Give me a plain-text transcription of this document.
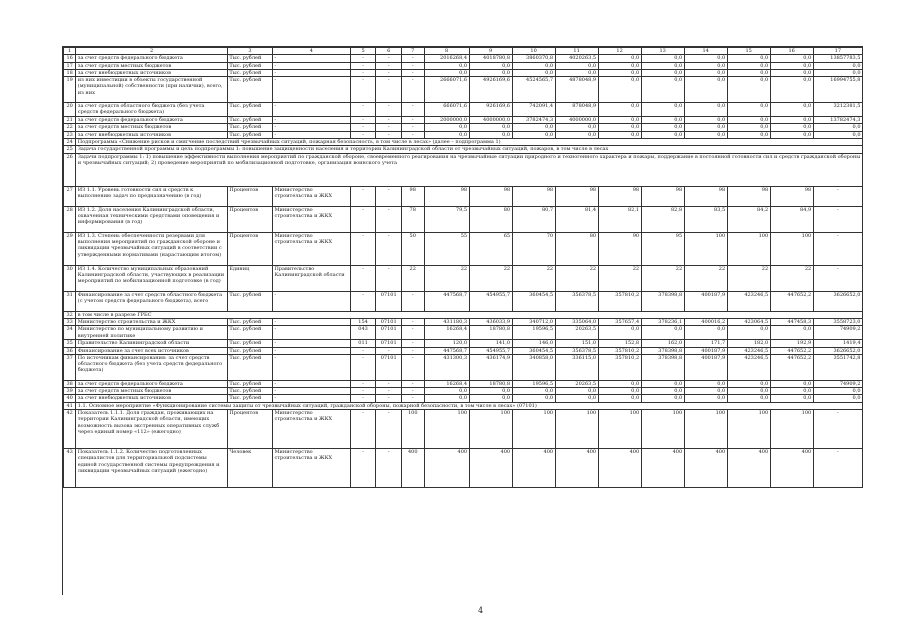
1	2	3	4	5	6	7	8	9	10	11	12	13	14	15	16	17
16	за счет средств федерального бюджета	Тыс. рублей	-	-	-	-	2016268,4	4018780,8	3860370,8	4020263,5	0,0	0,0	0,0	0,0	0,0	13857783,5
17	за счет средств местных бюджетов	Тыс. рублей	-	-	-	-	0,0	0,0	0,0	0,0	0,0	0,0	0,0	0,0	0,0	0,0
18	за счет внебюджетных источников	Тыс. рублей	-	-	-	-	0,0	0,0	0,0	0,0	0,0	0,0	0,0	0,0	0,0	0,0
19	из них инвестиции в объекты государственной (муниципальной) собственности (при наличии), всего, из них	Тыс. рублей	-	-	-	-	2666071,6	4926169,6	4524565,7	4878048,9	0,0	0,0	0,0	0,0	0,0	16994755,8
20	за счет средств областного бюджета (без учета средств федерального бюджета)	Тыс. рублей	-	-	-	-	666071,6	926169,6	742091,4	878048,9	0,0	0,0	0,0	0,0	0,0	3212381,5
21	за счет средств федерального бюджета	Тыс. рублей	-	-	-	-	2000000,0	4000000,0	3782474,3	4000000,0	0,0	0,0	0,0	0,0	0,0	13782474,3
22	за счет средств местных бюджетов	Тыс. рублей	-	-	-	-	0,0	0,0	0,0	0,0	0,0	0,0	0,0	0,0	0,0	0,0
23	за счет внебюджетных источников	Тыс. рублей	-	-	-	-	0,0	0,0	0,0	0,0	0,0	0,0	0,0	0,0	0,0	0,0
24	Подпрограмма «Снижение рисков и смягчение последствий чрезвычайных ситуаций, пожарная безопасность, в том числе в лесах» (далее – подпрограмма 1)															
25	Задача государственной программы и цель подпрограммы 1: повышение защищенности населения и территории Калининградской области от чрезвычайных ситуаций, пожаров, в том числе в лесах															
26	Задачи подпрограммы 1: 1) повышение эффективности выполнения мероприятий по гражданской обороне, своевременного реагирования на чрезвычайные ситуации природного и техногенного характера и пожары, поддержание в постоянной готовности сил и средств гражданской обороны и чрезвычайных ситуаций; 2) проведение мероприятий по мобилизационной подготовке, организация воинского учета															
27	ИЗ 1.1. Уровень готовности сил и средств к выполнению задач по предназначению (в год)	Процентов	Министерство строительства и ЖКХ	-	-	98	98	98	98	98	98	98	98	98	98	-
28	ИЗ 1.2. Доля населения Калининградской области, охваченная техническими средствами оповещения и информирования (в год)	Процентов	Министерство строительства и ЖКХ	-	-	78	79,5	80	80,7	81,4	82,1	82,8	83,5	84,2	84,9	-
29	ИЗ 1.3. Степень обеспеченности резервами для выполнения мероприятий по гражданской обороне и ликвидации чрезвычайных ситуаций в соответствии с утвержденными нормативами (нарастающим итогом)	Процентов	Министерство строительства и ЖКХ	-	-	50	55	65	70	80	90	95	100	100	100	-
30	ИЗ 1.4. Количество муниципальных образований Калининградской области, участвующих в реализации мероприятий по мобилизационной подготовке (в год)	Единиц	Правительство Калининградской области	-	-	22	22	22	22	22	22	22	22	22	22	-
31	Финансирование за счет средств областного бюджета (с учетом средств федерального бюджета), всего	Тыс. рублей	-	-	07101	-	447568,7	454955,7	360454,5	356378,5	357810,2	378398,8	400187,9	423246,5	447652,2	3626652,0
32	в том числе в разрезе ГРБС															
33	Министерство строительства и ЖКХ	Тыс. рублей	-	154	07101	-	431180,3	436033,9	340712,0	335064,0	357657,4	378236,1	400016,2	423064,5	447458,3	3558723,0
34	Министерство по муниципальному развитию и внутренней политике	Тыс. рублей	-	043	07101	-	16268,4	18780,8	19596,5	20263,5	0,0	0,0	0,0	0,0	0,0	74909,2
35	Правительство Калининградской области	Тыс. рублей	-	011	07101	-	120,0	141,0	146,0	151,0	152,8	162,0	171,7	182,0	192,9	1419,4
36	Финансирование за счет всех источников	Тыс. рублей	-	-	-	-	447568,7	454955,7	360454,5	356378,5	357810,2	378398,8	400187,9	423246,5	447652,2	3626652,0
37	По источникам финансирования: за счет средств областного бюджета (без учета средств федерального бюджета)	Тыс. рублей	-	-	07101	-	431300,3	436174,9	340858,0	336115,0	357810,2	378398,8	400187,9	423246,5	447652,2	3551742,8
38	за счет средств федерального бюджета	Тыс. рублей	-	-	-	-	16268,4	18780,8	19596,5	20263,5	0,0	0,0	0,0	0,0	0,0	74909,2
39	за счет средств местных бюджетов	Тыс. рублей	-	-	-	-	0,0	0,0	0,0	0,0	0,0	0,0	0,0	0,0	0,0	0,0
40	за счет внебюджетных источников	Тыс. рублей	-	-	-	-	0,0	0,0	0,0	0,0	0,0	0,0	0,0	0,0	0,0	0,0
41	1.1. Основное мероприятие «Функционирование системы защиты от чрезвычайных ситуаций, гражданской обороны, пожарной безопасности, в том числе в лесах» (07101)															
42	Показатель 1.1.1. Доля граждан, проживающих на территории Калининградской области, имеющих возможность вызова экстренных оперативных служб через единый номер «112» (ежегодно)	Процентов	Министерство строительства и ЖКХ	-	-	100	100	100	100	100	100	100	100	100	100	-
43	Показатель 1.1.2. Количество подготовленных специалистов для территориальной подсистемы единой государственной системы предупреждения и ликвидации чрезвычайных ситуаций (ежегодно)	Человек	Министерство строительства и ЖКХ	-	-	400	400	400	400	400	400	400	400	400	400	-
4
